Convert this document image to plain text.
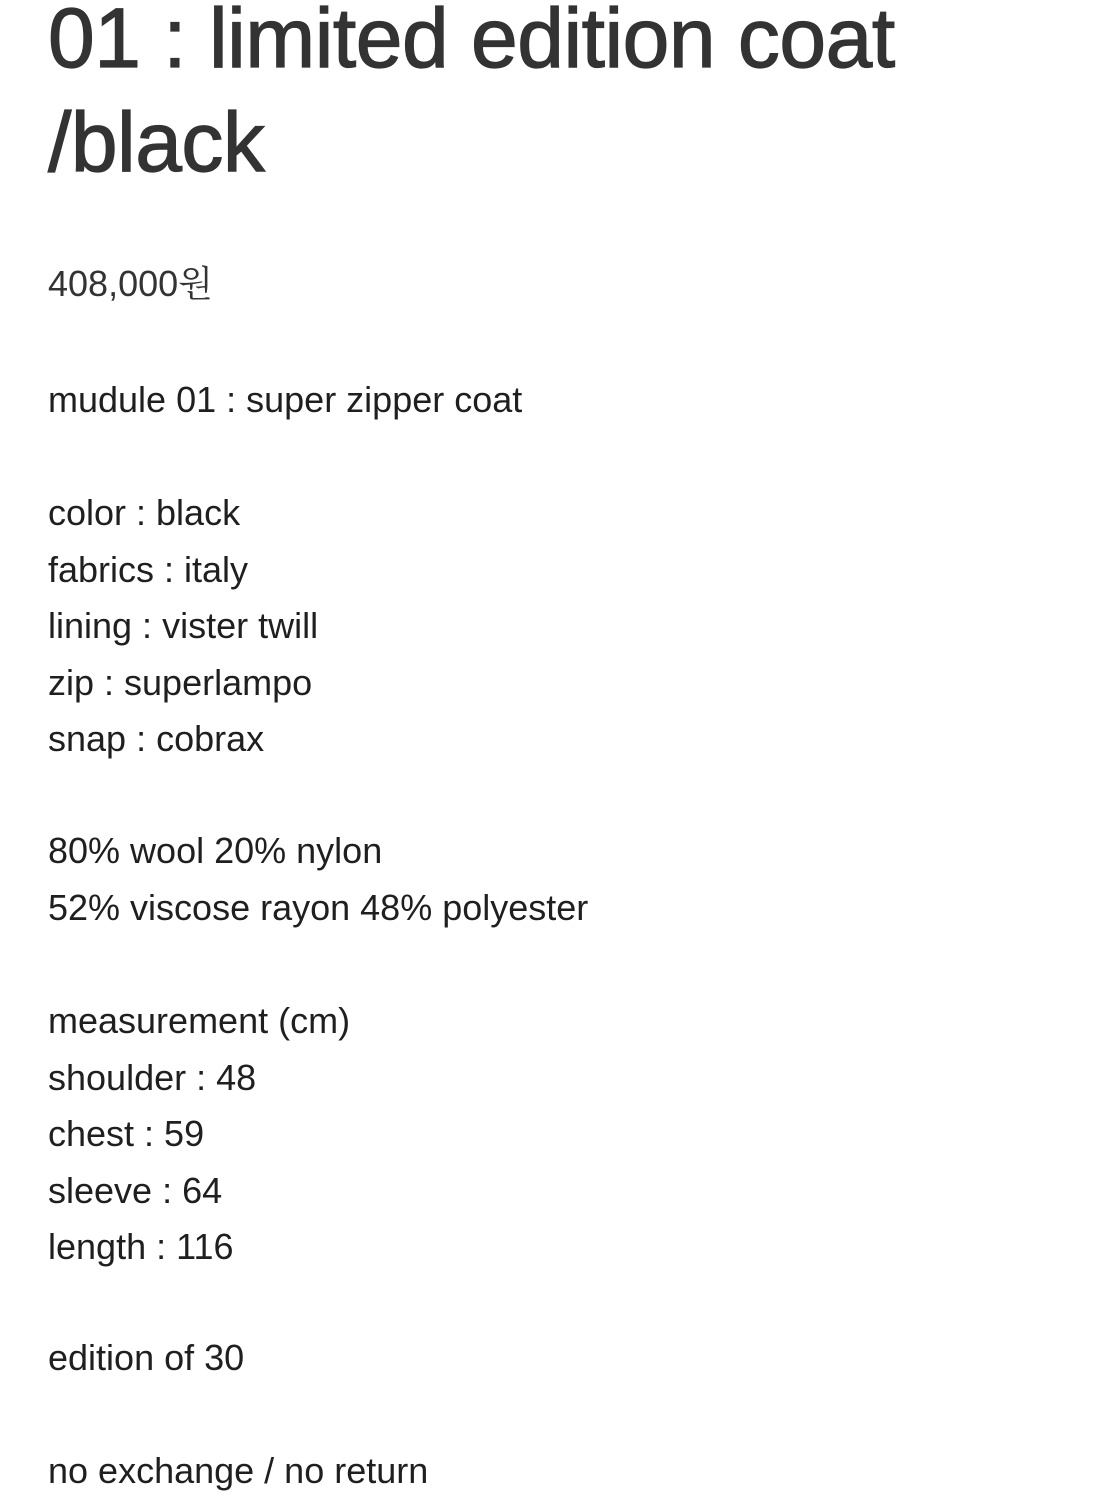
01 : limited edition coat /black

408,000원

mudule 01 : super zipper coat
color : black
fabrics : italy
lining : vister twill
zip : superlampo
snap : cobrax
80% wool 20% nylon
52% viscose rayon 48% polyester
measurement (cm)
shoulder : 48
chest : 59
sleeve : 64
length : 116
edition of 30
no exchange / no return
